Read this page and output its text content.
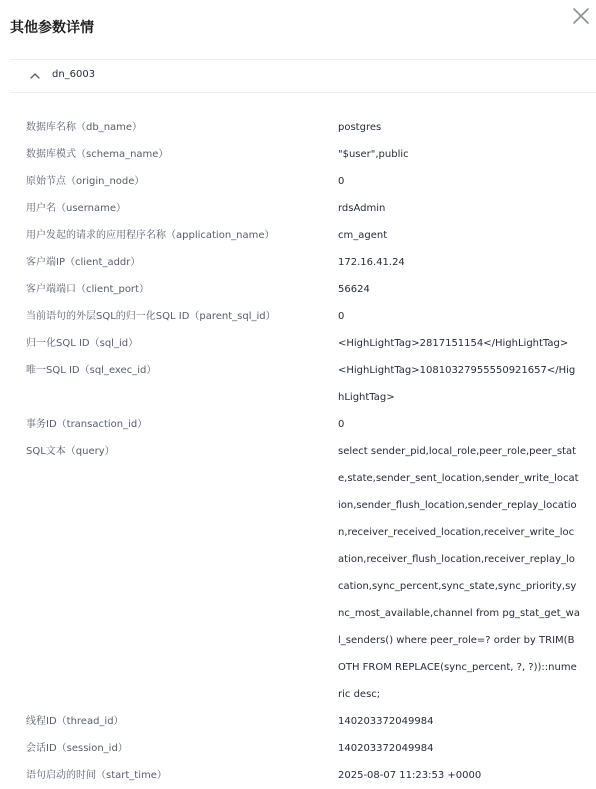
其他参数详情
dn_6003
数据库名称（db_name）	postgres
数据库模式（schema_name）	"$user",public
原始节点（origin_node）	0
用户名（username）	rdsAdmin
用户发起的请求的应用程序名称（application_name）	cm_agent
客户端IP（client_addr）	172.16.41.24
客户端端口（client_port）	56624
当前语句的外层SQL的归一化SQL ID（parent_sql_id）	0
归一化SQL ID（sql_id）	<HighLightTag>2817151154</HighLightTag>
唯一SQL ID（sql_exec_id）	<HighLightTag>10810327955550921657</HighLightTag>
事务ID（transaction_id）	0
SQL文本（query）	select sender_pid,local_role,peer_role,peer_state,state,sender_sent_location,sender_write_location,sender_flush_location,sender_replay_location,receiver_received_location,receiver_write_location,receiver_flush_location,receiver_replay_location,sync_percent,sync_state,sync_priority,sync_most_available,channel from pg_stat_get_wal_senders() where peer_role=? order by TRIM(BOTH FROM REPLACE(sync_percent, ?, ?))::numeric desc;
线程ID（thread_id）	140203372049984
会话ID（session_id）	140203372049984
语句启动的时间（start_time）	2025-08-07 11:23:53 +0000
